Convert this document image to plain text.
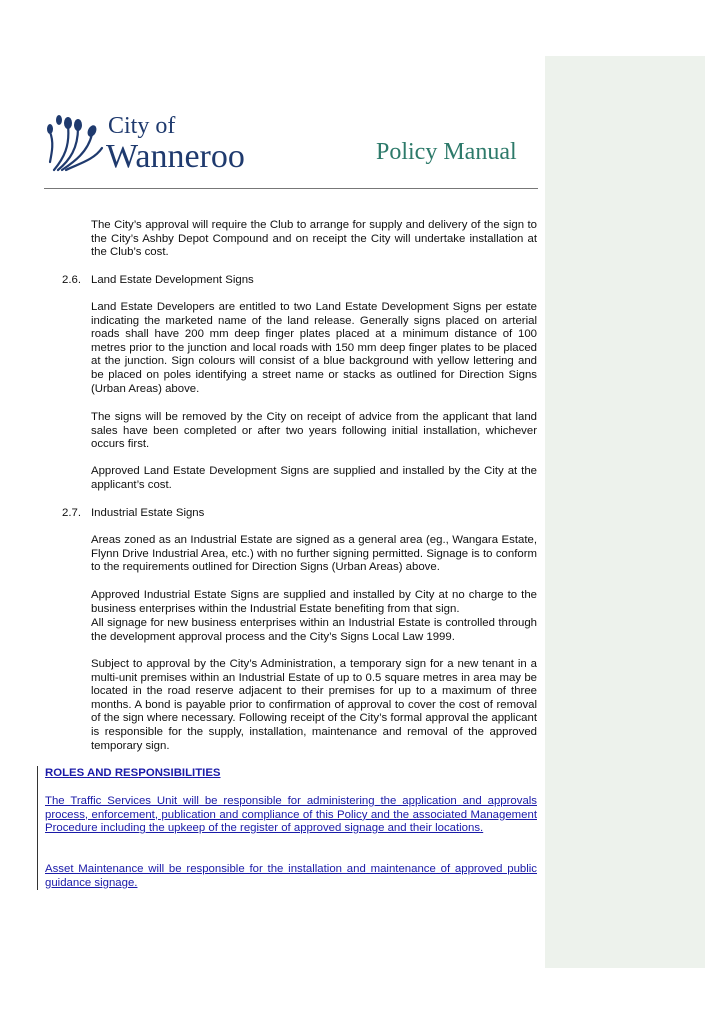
City of
Wanneroo	Policy Manual

The City’s approval will require the Club to arrange for supply and delivery of the sign to the City’s Ashby Depot Compound and on receipt the City will undertake installation at the Club’s cost.

2.6. Land Estate Development Signs

Land Estate Developers are entitled to two Land Estate Development Signs per estate indicating the marketed name of the land release. Generally signs placed on arterial roads shall have 200 mm deep finger plates placed at a minimum distance of 100 metres prior to the junction and local roads with 150 mm deep finger plates to be placed at the junction. Sign colours will consist of a blue background with yellow lettering and be placed on poles identifying a street name or stacks as outlined for Direction Signs (Urban Areas) above.

The signs will be removed by the City on receipt of advice from the applicant that land sales have been completed or after two years following initial installation, whichever occurs first.

Approved Land Estate Development Signs are supplied and installed by the City at the applicant’s cost.

2.7. Industrial Estate Signs

Areas zoned as an Industrial Estate are signed as a general area (eg., Wangara Estate, Flynn Drive Industrial Area, etc.) with no further signing permitted. Signage is to conform to the requirements outlined for Direction Signs (Urban Areas) above.

Approved Industrial Estate Signs are supplied and installed by City at no charge to the business enterprises within the Industrial Estate benefiting from that sign.

All signage for new business enterprises within an Industrial Estate is controlled through the development approval process and the City’s Signs Local Law 1999.

Subject to approval by the City’s Administration, a temporary sign for a new tenant in a multi-unit premises within an Industrial Estate of up to 0.5 square metres in area may be located in the road reserve adjacent to their premises for up to a maximum of three months. A bond is payable prior to confirmation of approval to cover the cost of removal of the sign where necessary. Following receipt of the City’s formal approval the applicant is responsible for the supply, installation, maintenance and removal of the approved temporary sign.

ROLES AND RESPONSIBILITIES

The Traffic Services Unit will be responsible for administering the application and approvals process, enforcement, publication and compliance of this Policy and the associated Management Procedure including the upkeep of the register of approved signage and their locations.

Asset Maintenance will be responsible for the installation and maintenance of approved public guidance signage.
